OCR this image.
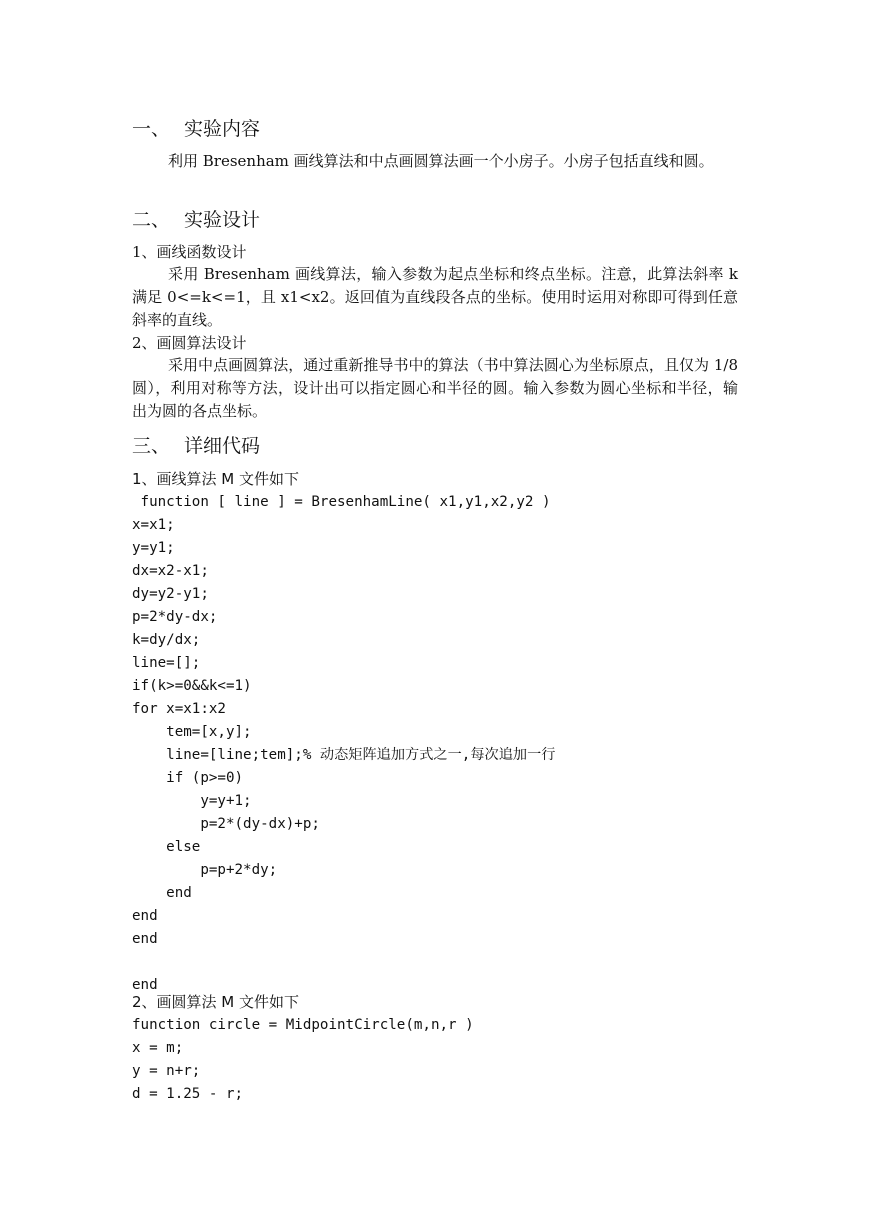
一、 实验内容

利用 Bresenham 画线算法和中点画圆算法画一个小房子。小房子包括直线和圆。

二、 实验设计
1、画线函数设计

采用 Bresenham 画线算法，输入参数为起点坐标和终点坐标。注意，此算法斜率 k 满足 0<=k<=1，且 x1<x2。返回值为直线段各点的坐标。使用时运用对称即可得到任意斜率的直线。

2、画圆算法设计

采用中点画圆算法，通过重新推导书中的算法（书中算法圆心为坐标原点，且仅为 1/8 圆），利用对称等方法，设计出可以指定圆心和半径的圆。输入参数为圆心坐标和半径，输出为圆的各点坐标。

三、 详细代码
1、画线算法 M 文件如下
function [ line ] = BresenhamLine( x1,y1,x2,y2 )
x=x1;
y=y1;
dx=x2-x1;
dy=y2-y1;
p=2*dy-dx;
k=dy/dx;
line=[];
if(k>=0&&k<=1)
for x=x1:x2
tem=[x,y];
line=[line;tem];% 动态矩阵追加方式之一,每次追加一行
if (p>=0)
y=y+1;
p=2*(dy-dx)+p;
else
p=p+2*dy;
end
end
end
end
2、画圆算法 M 文件如下
function circle = MidpointCircle(m,n,r )
x = m;
y = n+r;
d = 1.25 - r;
